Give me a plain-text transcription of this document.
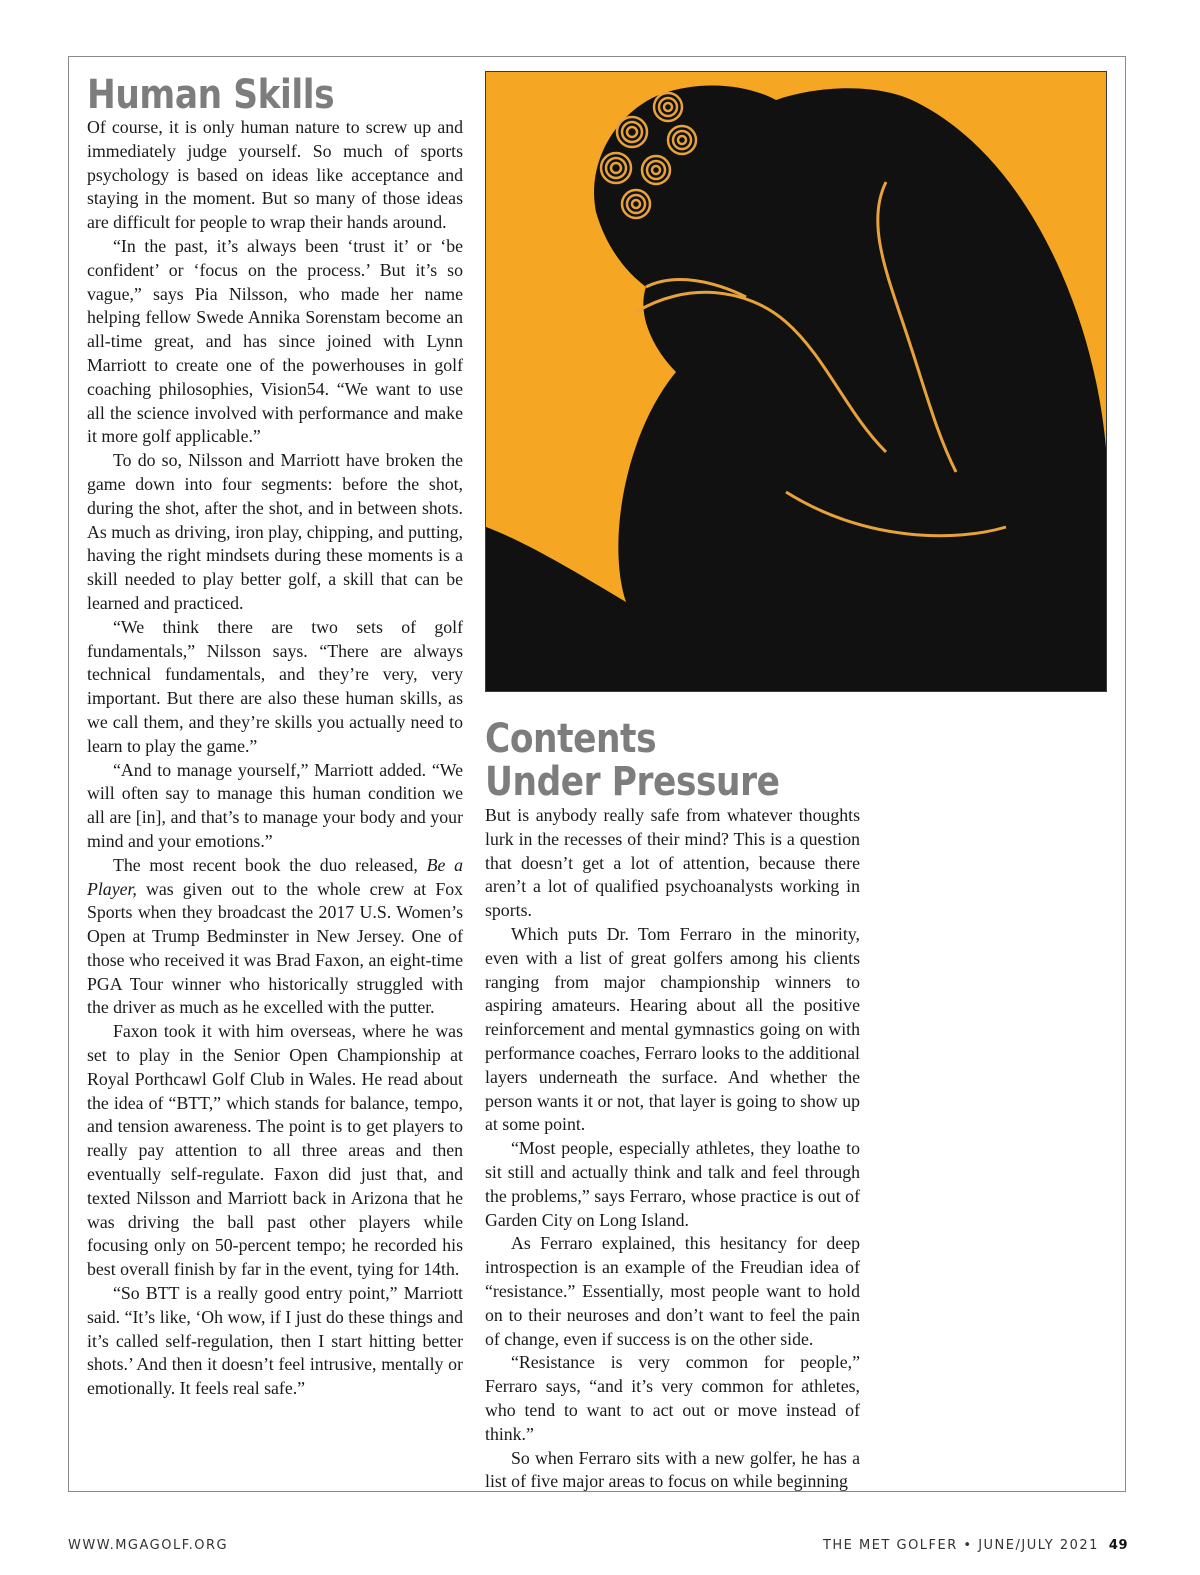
Human Skills

Of course, it is only human nature to screw up and immediately judge yourself. So much of sports psychology is based on ideas like acceptance and staying in the moment. But so many of those ideas are difficult for people to wrap their hands around.

“In the past, it’s always been ‘trust it’ or ‘be confident’ or ‘focus on the process.’ But it’s so vague,” says Pia Nilsson, who made her name helping fellow Swede Annika Sorenstam become an all-time great, and has since joined with Lynn Marriott to create one of the powerhouses in golf coaching philosophies, Vision54. “We want to use all the science involved with performance and make it more golf applicable.”

To do so, Nilsson and Marriott have broken the game down into four segments: before the shot, during the shot, after the shot, and in between shots. As much as driving, iron play, chipping, and putting, having the right mindsets during these moments is a skill needed to play better golf, a skill that can be learned and practiced.

“We think there are two sets of golf fundamentals,” Nilsson says. “There are always technical fundamentals, and they’re very, very important. But there are also these human skills, as we call them, and they’re skills you actually need to learn to play the game.”

“And to manage yourself,” Marriott added. “We will often say to manage this human condition we all are [in], and that’s to manage your body and your mind and your emotions.”

The most recent book the duo released, Be a Player, was given out to the whole crew at Fox Sports when they broadcast the 2017 U.S. Women’s Open at Trump Bedminster in New Jersey. One of those who received it was Brad Faxon, an eight-time PGA Tour winner who historically struggled with the driver as much as he excelled with the putter.

Faxon took it with him overseas, where he was set to play in the Senior Open Championship at Royal Porthcawl Golf Club in Wales. He read about the idea of “BTT,” which stands for balance, tempo, and tension awareness. The point is to get players to really pay attention to all three areas and then eventually self-regulate. Faxon did just that, and texted Nilsson and Marriott back in Arizona that he was driving the ball past other players while focusing only on 50-percent tempo; he recorded his best overall finish by far in the event, tying for 14th.

“So BTT is a really good entry point,” Marriott said. “It’s like, ‘Oh wow, if I just do these things and it’s called self-regulation, then I start hitting better shots.’ And then it doesn’t feel intrusive, mentally or emotionally. It feels real safe.”

Contents
Under Pressure

But is anybody really safe from whatever thoughts lurk in the recesses of their mind? This is a question that doesn’t get a lot of attention, because there aren’t a lot of qualified psychoanalysts working in sports.

Which puts Dr. Tom Ferraro in the minority, even with a list of great golfers among his clients ranging from major championship winners to aspiring amateurs. Hearing about all the positive reinforcement and mental gymnastics going on with performance coaches, Ferraro looks to the additional layers underneath the surface. And whether the person wants it or not, that layer is going to show up at some point.

“Most people, especially athletes, they loathe to sit still and actually think and talk and feel through the problems,” says Ferraro, whose practice is out of Garden City on Long Island.

As Ferraro explained, this hesitancy for deep introspection is an example of the Freudian idea of “resistance.” Essentially, most people want to hold on to their neuroses and don’t want to feel the pain of change, even if success is on the other side.

“Resistance is very common for people,” Ferraro says, “and it’s very common for athletes, who tend to want to act out or move instead of think.”

So when Ferraro sits with a new golfer, he has a list of five major areas to focus on while beginning

WWW.MGAGOLF.ORG	THE MET GOLFER • JUNE/JULY 2021 49
